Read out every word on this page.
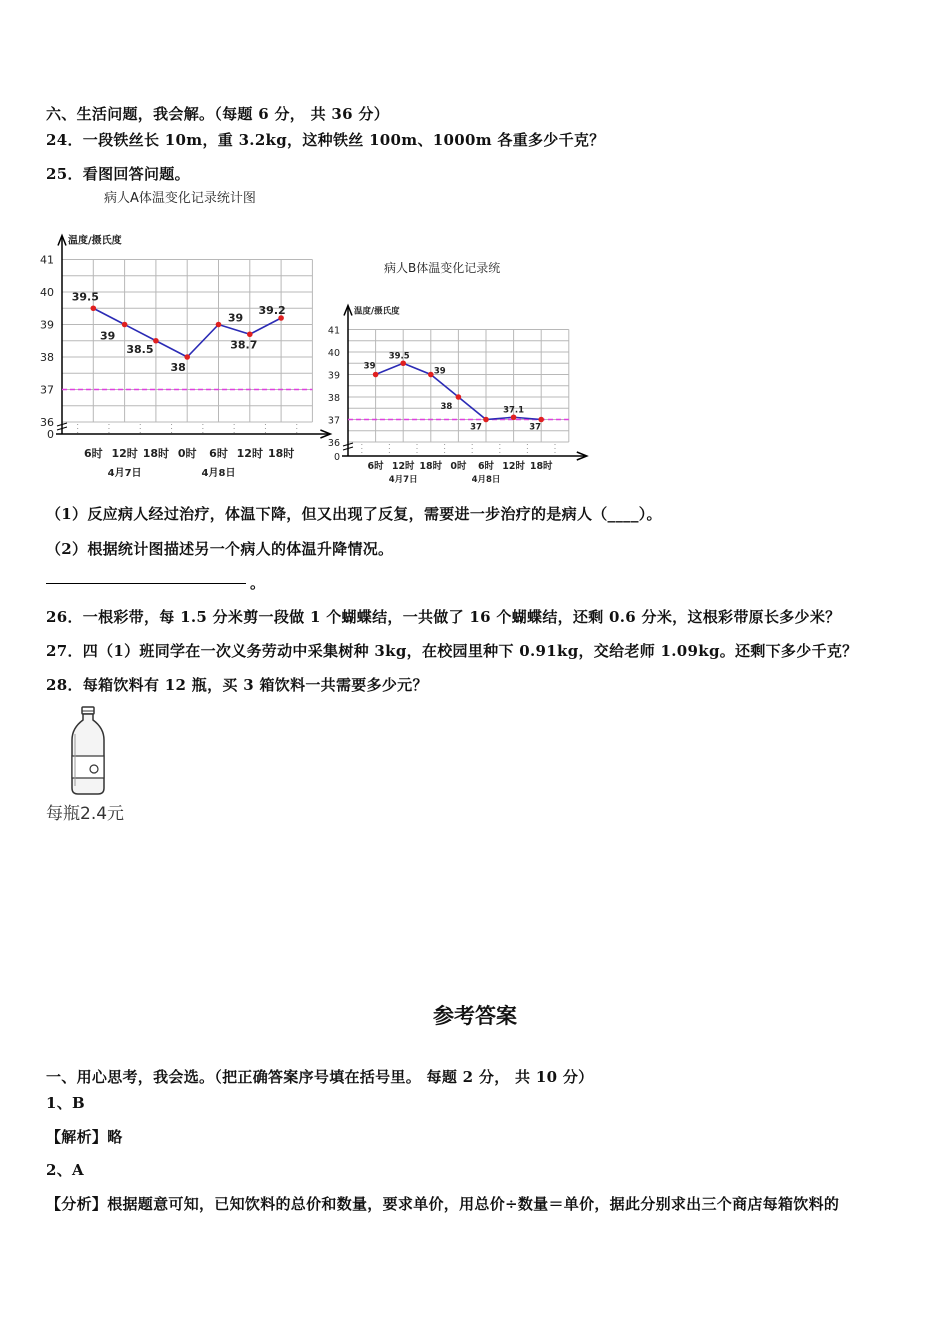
六、生活问题，我会解。（每题 6 分， 共 36 分）
24．一段铁丝长 10m，重 3.2kg，这种铁丝 100m、1000m 各重多少千克？
25．看图回答问题。
病人A体温变化记录统计图
温度/摄氏度
0
36
37
38
39
40
41
6时 12时 18时 0时 6时 12时 18时
4月7日	4月8日
39.5
39
38.5
38
39
38.7
39.2
病人B体温变化记录统
温度/摄氏度
0
36
37
38
39
40
41
6时 12时 18时 0时 6时 12时 18时
4月7日	4月8日
39
39.5
39
38
37
37.1
37
（1）反应病人经过治疗，体温下降，但又出现了反复，需要进一步治疗的是病人（____）。
（2）根据统计图描述另一个病人的体温升降情况。
。
26．一根彩带，每 1.5 分米剪一段做 1 个蝴蝶结，一共做了 16 个蝴蝶结，还剩 0.6 分米，这根彩带原长多少米？
27．四（1）班同学在一次义务劳动中采集树种 3kg，在校园里种下 0.91kg，交给老师 1.09kg。还剩下多少千克？
28．每箱饮料有 12 瓶，买 3 箱饮料一共需要多少元？
每瓶2.4元
参考答案
一、用心思考，我会选。（把正确答案序号填在括号里。 每题 2 分， 共 10 分）
1、B
【解析】略
2、A
【分析】根据题意可知，已知饮料的总价和数量，要求单价，用总价÷数量＝单价，据此分别求出三个商店每箱饮料的
